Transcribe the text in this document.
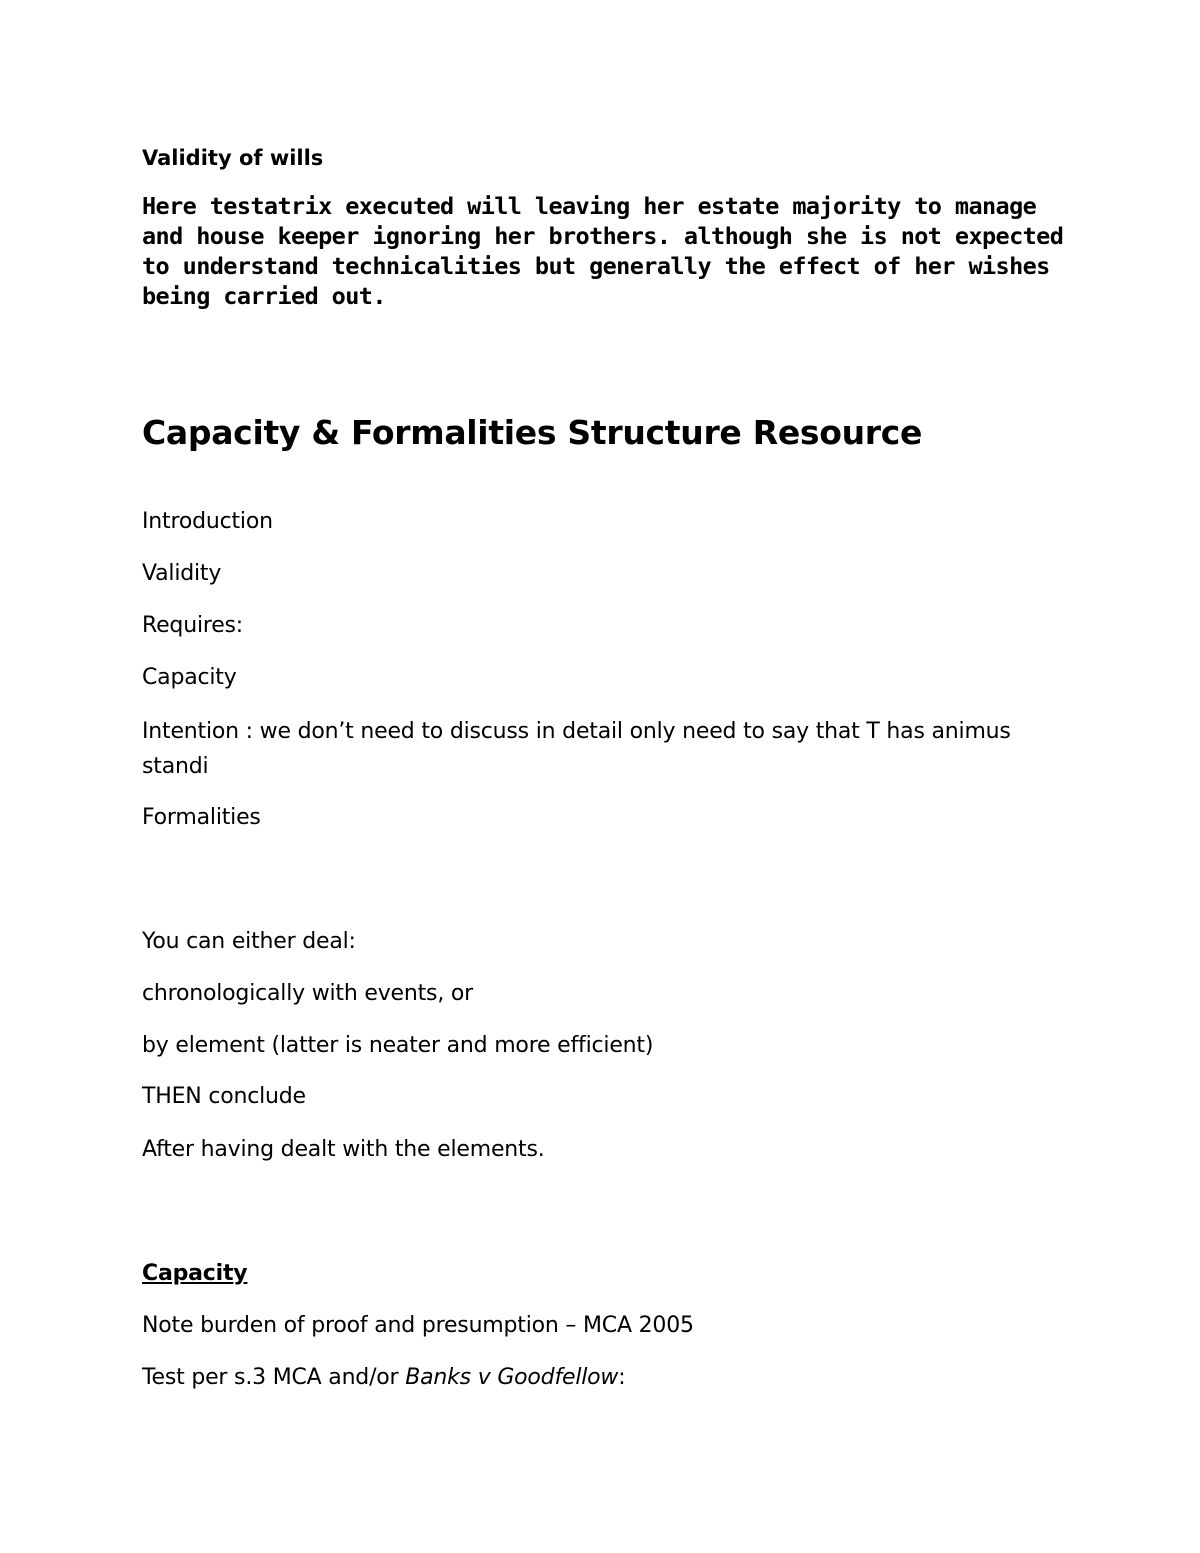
Validity of wills

Here testatrix executed will leaving her estate majority to manage and house keeper ignoring her brothers. although she is not expected to understand technicalities but generally the effect of her wishes being carried out.

Capacity & Formalities Structure Resource

Introduction

Validity

Requires:

Capacity

Intention : we don’t need to discuss in detail only need to say that T has animus standi

Formalities

You can either deal:

chronologically with events, or

by element (latter is neater and more efficient)

THEN conclude

After having dealt with the elements.

Capacity

Note burden of proof and presumption – MCA 2005

Test per s.3 MCA and/or Banks v Goodfellow:
